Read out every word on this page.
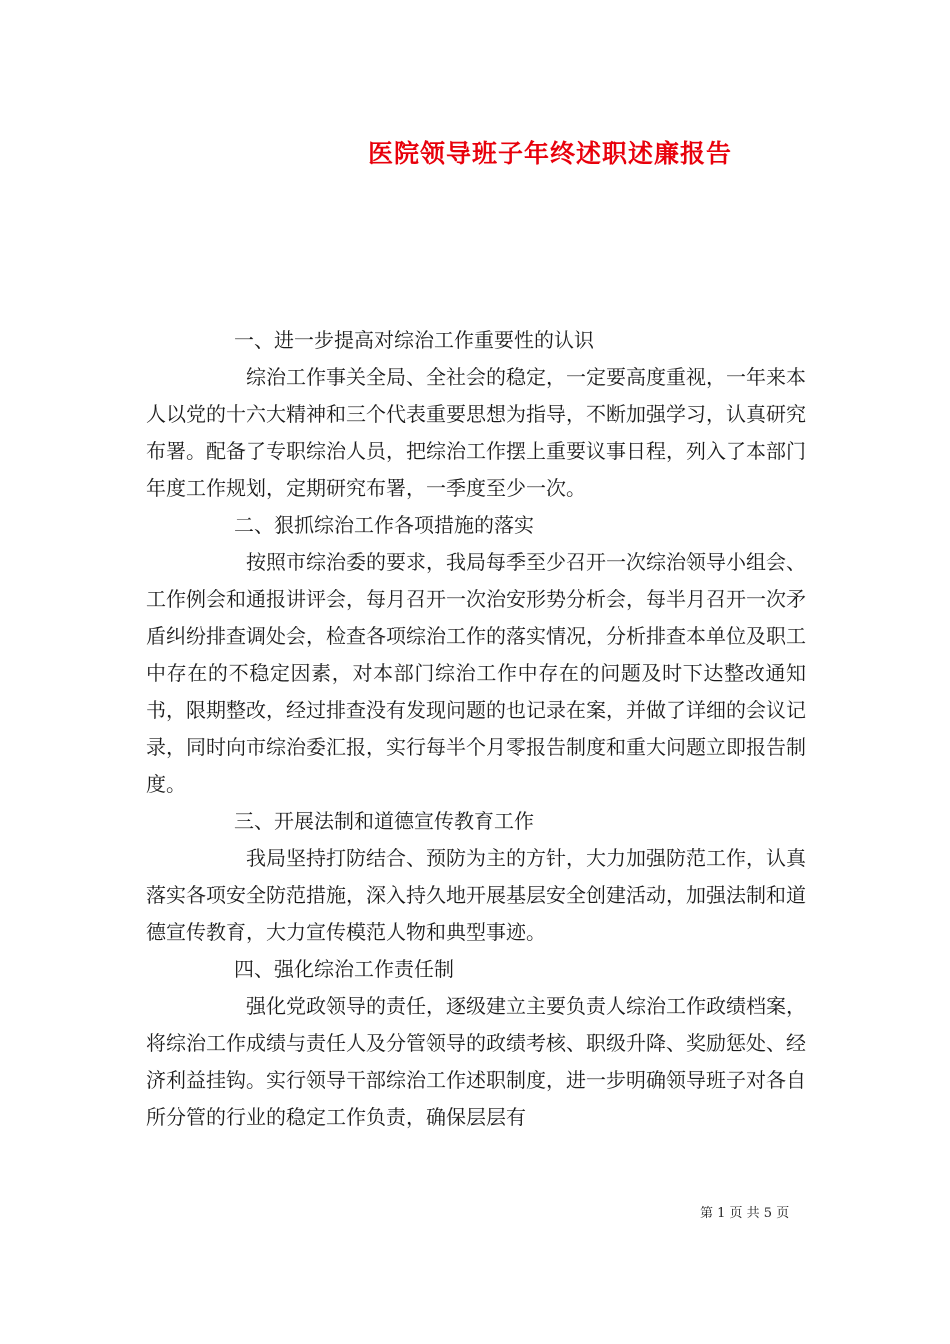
医院领导班子年终述职述廉报告

一、进一步提高对综治工作重要性的认识

综治工作事关全局、全社会的稳定，一定要高度重视，一年来本人以党的十六大精神和三个代表重要思想为指导，不断加强学习，认真研究布署。配备了专职综治人员，把综治工作摆上重要议事日程，列入了本部门年度工作规划，定期研究布署，一季度至少一次。

二、狠抓综治工作各项措施的落实

按照市综治委的要求，我局每季至少召开一次综治领导小组会、工作例会和通报讲评会，每月召开一次治安形势分析会，每半月召开一次矛盾纠纷排查调处会，检查各项综治工作的落实情况，分析排查本单位及职工中存在的不稳定因素，对本部门综治工作中存在的问题及时下达整改通知书，限期整改，经过排查没有发现问题的也记录在案，并做了详细的会议记录，同时向市综治委汇报，实行每半个月零报告制度和重大问题立即报告制度。

三、开展法制和道德宣传教育工作

我局坚持打防结合、预防为主的方针，大力加强防范工作，认真落实各项安全防范措施，深入持久地开展基层安全创建活动，加强法制和道德宣传教育，大力宣传模范人物和典型事迹。

四、强化综治工作责任制

强化党政领导的责任，逐级建立主要负责人综治工作政绩档案，将综治工作成绩与责任人及分管领导的政绩考核、职级升降、奖励惩处、经济利益挂钩。实行领导干部综治工作述职制度，进一步明确领导班子对各自所分管的行业的稳定工作负责，确保层层有

第 1 页 共 5 页
